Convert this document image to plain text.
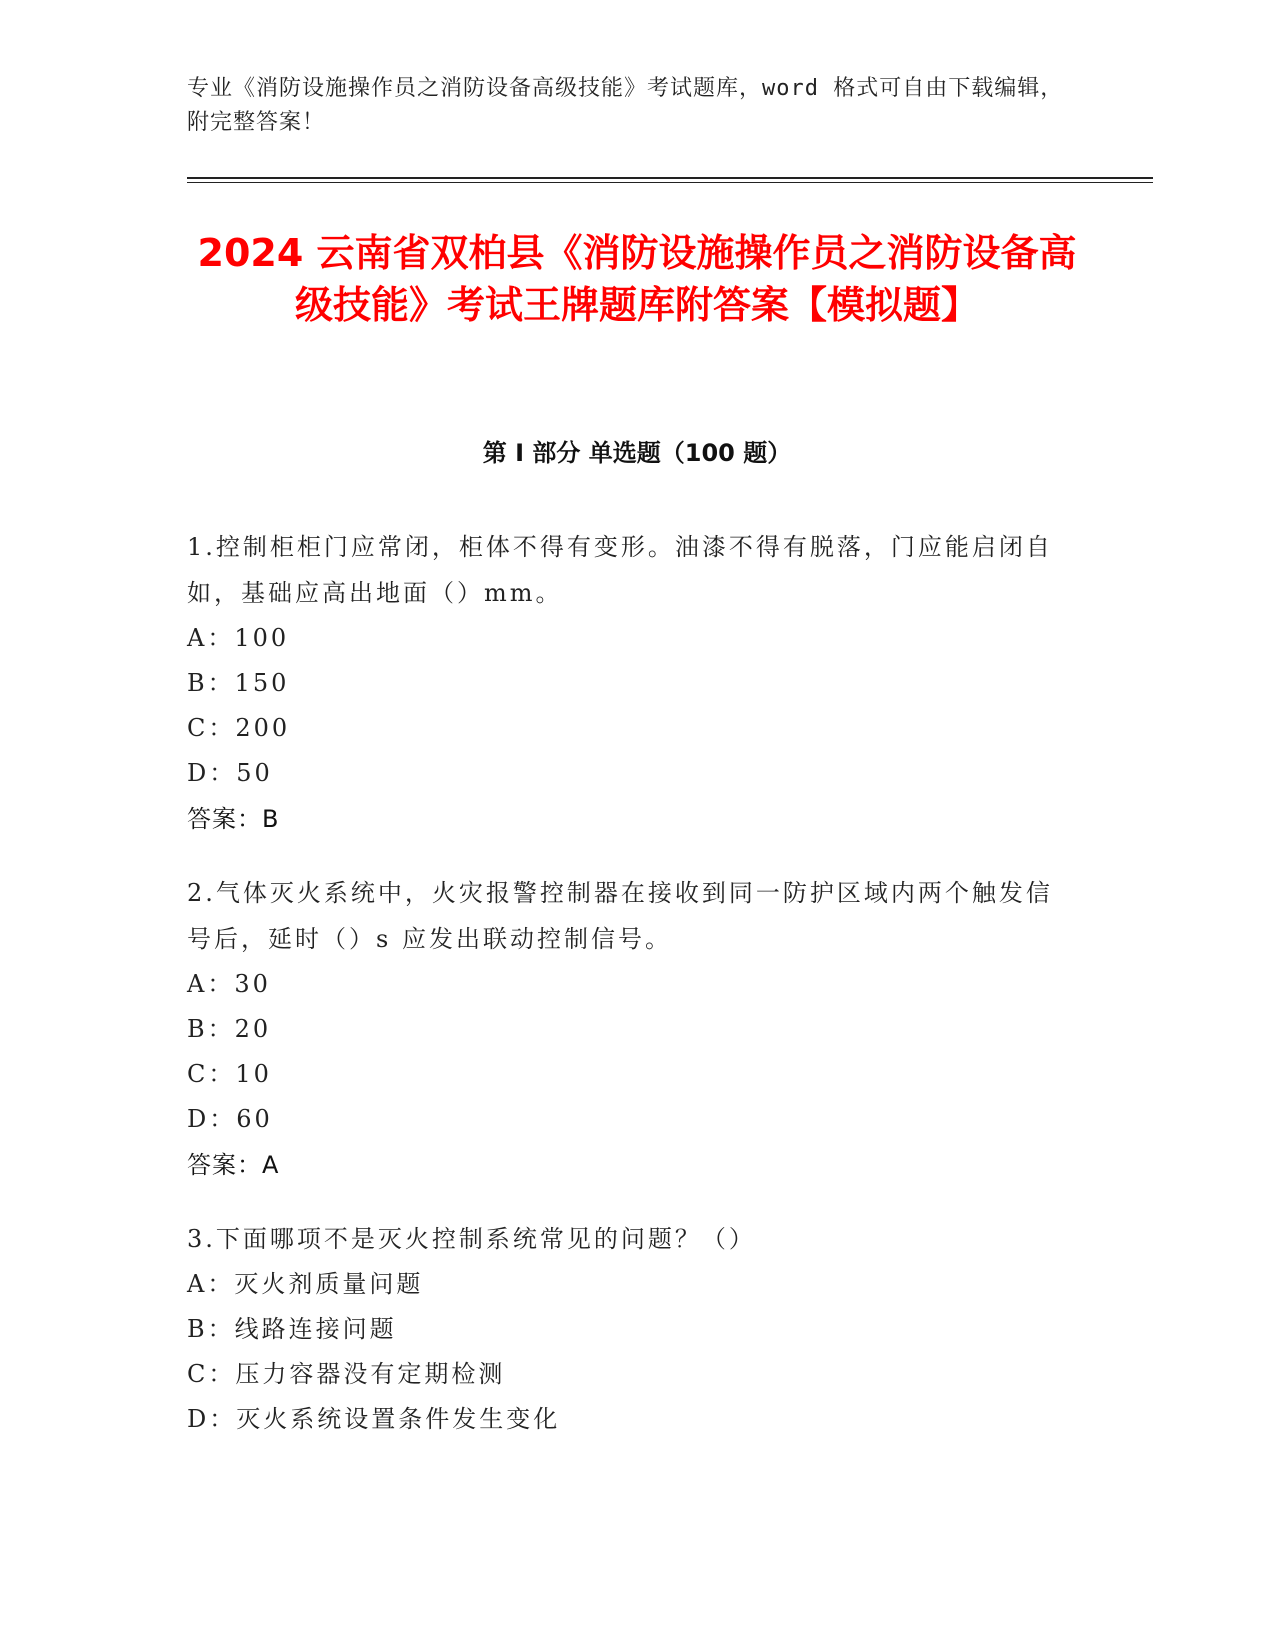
专业《消防设施操作员之消防设备高级技能》考试题库，word 格式可自由下载编辑，附完整答案！
2024 云南省双柏县《消防设施操作员之消防设备高级技能》考试王牌题库附答案【模拟题】
第 I 部分 单选题（100 题）

1.控制柜柜门应常闭，柜体不得有变形。油漆不得有脱落，门应能启闭自如，基础应高出地面（）mm。

A：100

B：150

C：200

D：50

答案：B

2.气体灭火系统中，火灾报警控制器在接收到同一防护区域内两个触发信号后，延时（）s 应发出联动控制信号。

A：30

B：20

C：10

D：60

答案：A

3.下面哪项不是灭火控制系统常见的问题？（）

A：灭火剂质量问题

B：线路连接问题

C：压力容器没有定期检测

D：灭火系统设置条件发生变化
